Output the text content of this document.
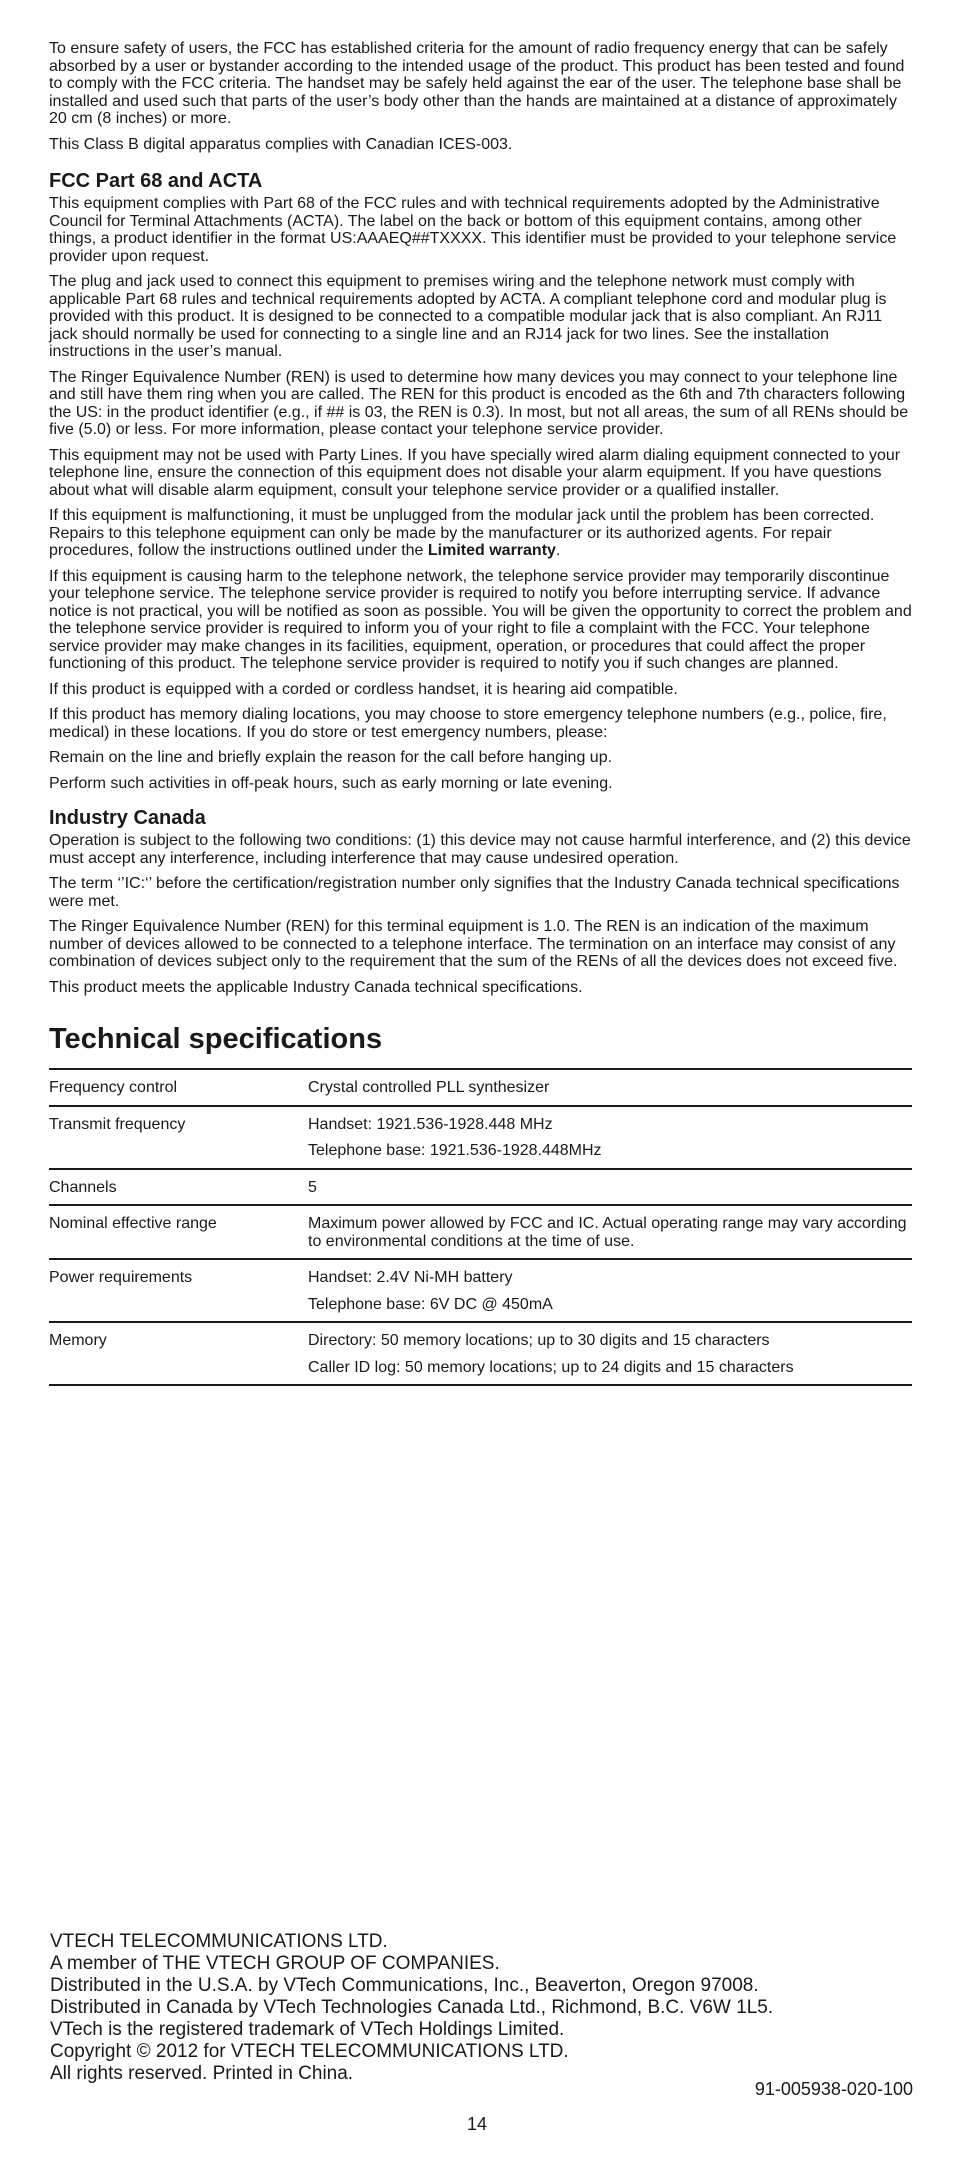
To ensure safety of users, the FCC has established criteria for the amount of radio frequency energy that can be safely absorbed by a user or bystander according to the intended usage of the product. This product has been tested and found to comply with the FCC criteria. The handset may be safely held against the ear of the user. The telephone base shall be installed and used such that parts of the user’s body other than the hands are maintained at a distance of approximately 20 cm (8 inches) or more.

This Class B digital apparatus complies with Canadian ICES-003.

FCC Part 68 and ACTA

This equipment complies with Part 68 of the FCC rules and with technical requirements adopted by the Administrative Council for Terminal Attachments (ACTA). The label on the back or bottom of this equipment contains, among other things, a product identifier in the format US:AAAEQ##TXXXX. This identifier must be provided to your telephone service provider upon request.

The plug and jack used to connect this equipment to premises wiring and the telephone network must comply with applicable Part 68 rules and technical requirements adopted by ACTA. A compliant telephone cord and modular plug is provided with this product. It is designed to be connected to a compatible modular jack that is also compliant. An RJ11 jack should normally be used for connecting to a single line and an RJ14 jack for two lines. See the installation instructions in the user’s manual.

The Ringer Equivalence Number (REN) is used to determine how many devices you may connect to your telephone line and still have them ring when you are called. The REN for this product is encoded as the 6th and 7th characters following the US: in the product identifier (e.g., if ## is 03, the REN is 0.3). In most, but not all areas, the sum of all RENs should be five (5.0) or less. For more information, please contact your telephone service provider.

This equipment may not be used with Party Lines. If you have specially wired alarm dialing equipment connected to your telephone line, ensure the connection of this equipment does not disable your alarm equipment. If you have questions about what will disable alarm equipment, consult your telephone service provider or a qualified installer.

If this equipment is malfunctioning, it must be unplugged from the modular jack until the problem has been corrected. Repairs to this telephone equipment can only be made by the manufacturer or its authorized agents. For repair procedures, follow the instructions outlined under the Limited warranty.

If this equipment is causing harm to the telephone network, the telephone service provider may temporarily discontinue your telephone service. The telephone service provider is required to notify you before interrupting service. If advance notice is not practical, you will be notified as soon as possible. You will be given the opportunity to correct the problem and the telephone service provider is required to inform you of your right to file a complaint with the FCC. Your telephone service provider may make changes in its facilities, equipment, operation, or procedures that could affect the proper functioning of this product. The telephone service provider is required to notify you if such changes are planned.

If this product is equipped with a corded or cordless handset, it is hearing aid compatible.

If this product has memory dialing locations, you may choose to store emergency telephone numbers (e.g., police, fire, medical) in these locations. If you do store or test emergency numbers, please:

Remain on the line and briefly explain the reason for the call before hanging up.

Perform such activities in off-peak hours, such as early morning or late evening.

Industry Canada

Operation is subject to the following two conditions: (1) this device may not cause harmful interference, and (2) this device must accept any interference, including interference that may cause undesired operation.

The term ‘’IC:‘’ before the certification/registration number only signifies that the Industry Canada technical specifications were met.

The Ringer Equivalence Number (REN) for this terminal equipment is 1.0. The REN is an indication of the maximum number of devices allowed to be connected to a telephone interface. The termination on an interface may consist of any combination of devices subject only to the requirement that the sum of the RENs of all the devices does not exceed five.

This product meets the applicable Industry Canada technical specifications.

Technical specifications
Frequency control	Crystal controlled PLL synthesizer

Transmit frequency	Handset: 1921.536-1928.448 MHz
Telephone base: 1921.536-1928.448MHz

Channels	5

Nominal effective range	Maximum power allowed by FCC and IC. Actual operating range may vary according to environmental conditions at the time of use.

Power requirements	Handset: 2.4V Ni-MH battery
Telephone base: 6V DC @ 450mA

Memory	Directory: 50 memory locations; up to 30 digits and 15 characters
Caller ID log: 50 memory locations; up to 24 digits and 15 characters
VTECH TELECOMMUNICATIONS LTD.
A member of THE VTECH GROUP OF COMPANIES.
Distributed in the U.S.A. by VTech Communications, Inc., Beaverton, Oregon 97008.
Distributed in Canada by VTech Technologies Canada Ltd., Richmond, B.C. V6W 1L5.
VTech is the registered trademark of VTech Holdings Limited.
Copyright © 2012 for VTECH TELECOMMUNICATIONS LTD.
All rights reserved. Printed in China.
91-005938-020-100
14
